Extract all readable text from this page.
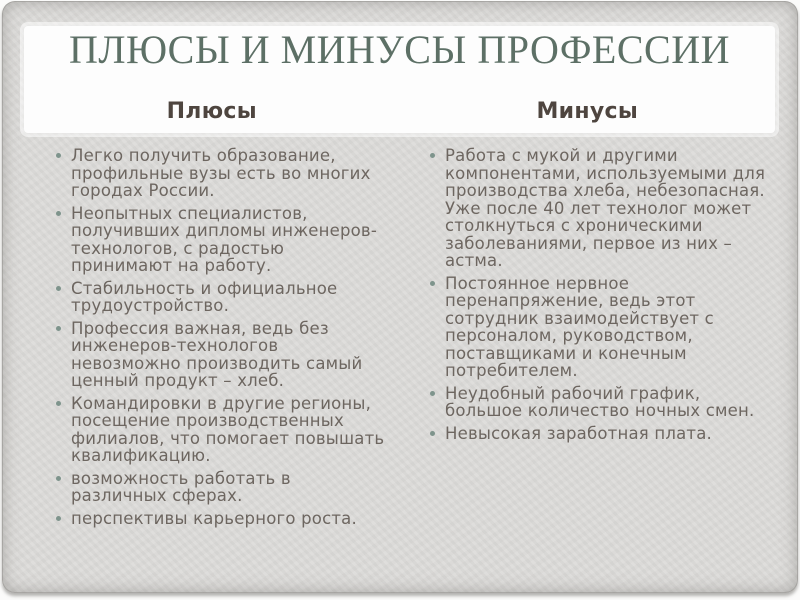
ПЛЮСЫ И МИНУСЫ ПРОФЕССИИ
Плюсы	Минусы
Легко получить образование, профильные вузы есть во многих городах России.
Неопытных специалистов, получивших дипломы инженеров-технологов, с радостью принимают на работу.
Стабильность и официальное трудоустройство.
Профессия важная, ведь без инженеров-технологов невозможно производить самый ценный продукт – хлеб.
Командировки в другие регионы, посещение производственных филиалов, что помогает повышать квалификацию.
возможность работать в различных сферах.
перспективы карьерного роста.
Работа с мукой и другими компонентами, используемыми для производства хлеба, небезопасная. Уже после 40 лет технолог может столкнуться с хроническими заболеваниями, первое из них – астма.
Постоянное нервное перенапряжение, ведь этот сотрудник взаимодействует с персоналом, руководством, поставщиками и конечным потребителем.
Неудобный рабочий график, большое количество ночных смен.
Невысокая заработная плата.
